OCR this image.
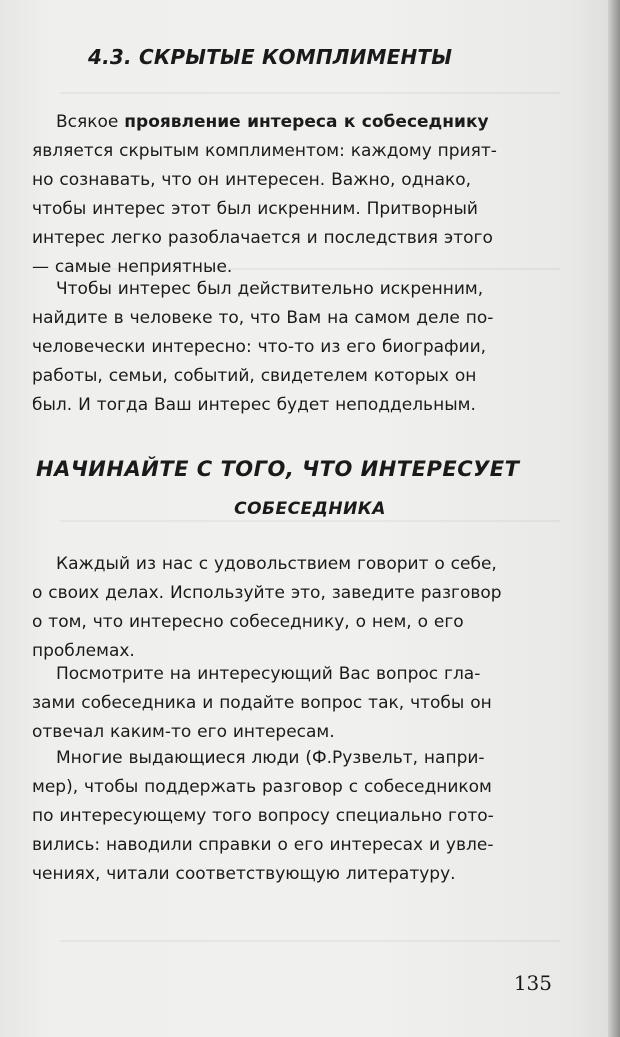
4.3. СКРЫТЫЕ КОМПЛИМЕНТЫ
Всякое проявление интереса к собеседнику
является скрытым комплиментом: каждому прият-
но сознавать, что он интересен. Важно, однако,
чтобы интерес этот был искренним. Притворный
интерес легко разоблачается и последствия этого
— самые неприятные.
Чтобы интерес был действительно искренним,
найдите в человеке то, что Вам на самом деле по-
человечески интересно: что-то из его биографии,
работы, семьи, событий, свидетелем которых он
был. И тогда Ваш интерес будет неподдельным.
НАЧИНАЙТЕ С ТОГО, ЧТО ИНТЕРЕСУЕТ
СОБЕСЕДНИКА
Каждый из нас с удовольствием говорит о себе,
о своих делах. Используйте это, заведите разговор
о том, что интересно собеседнику, о нем, о его
проблемах.
Посмотрите на интересующий Вас вопрос гла-
зами собеседника и подайте вопрос так, чтобы он
отвечал каким-то его интересам.
Многие выдающиеся люди (Ф.Рузвельт, напри-
мер), чтобы поддержать разговор с собеседником
по интересующему того вопросу специально гото-
вились: наводили справки о его интересах и увле-
чениях, читали соответствующую литературу.
135
